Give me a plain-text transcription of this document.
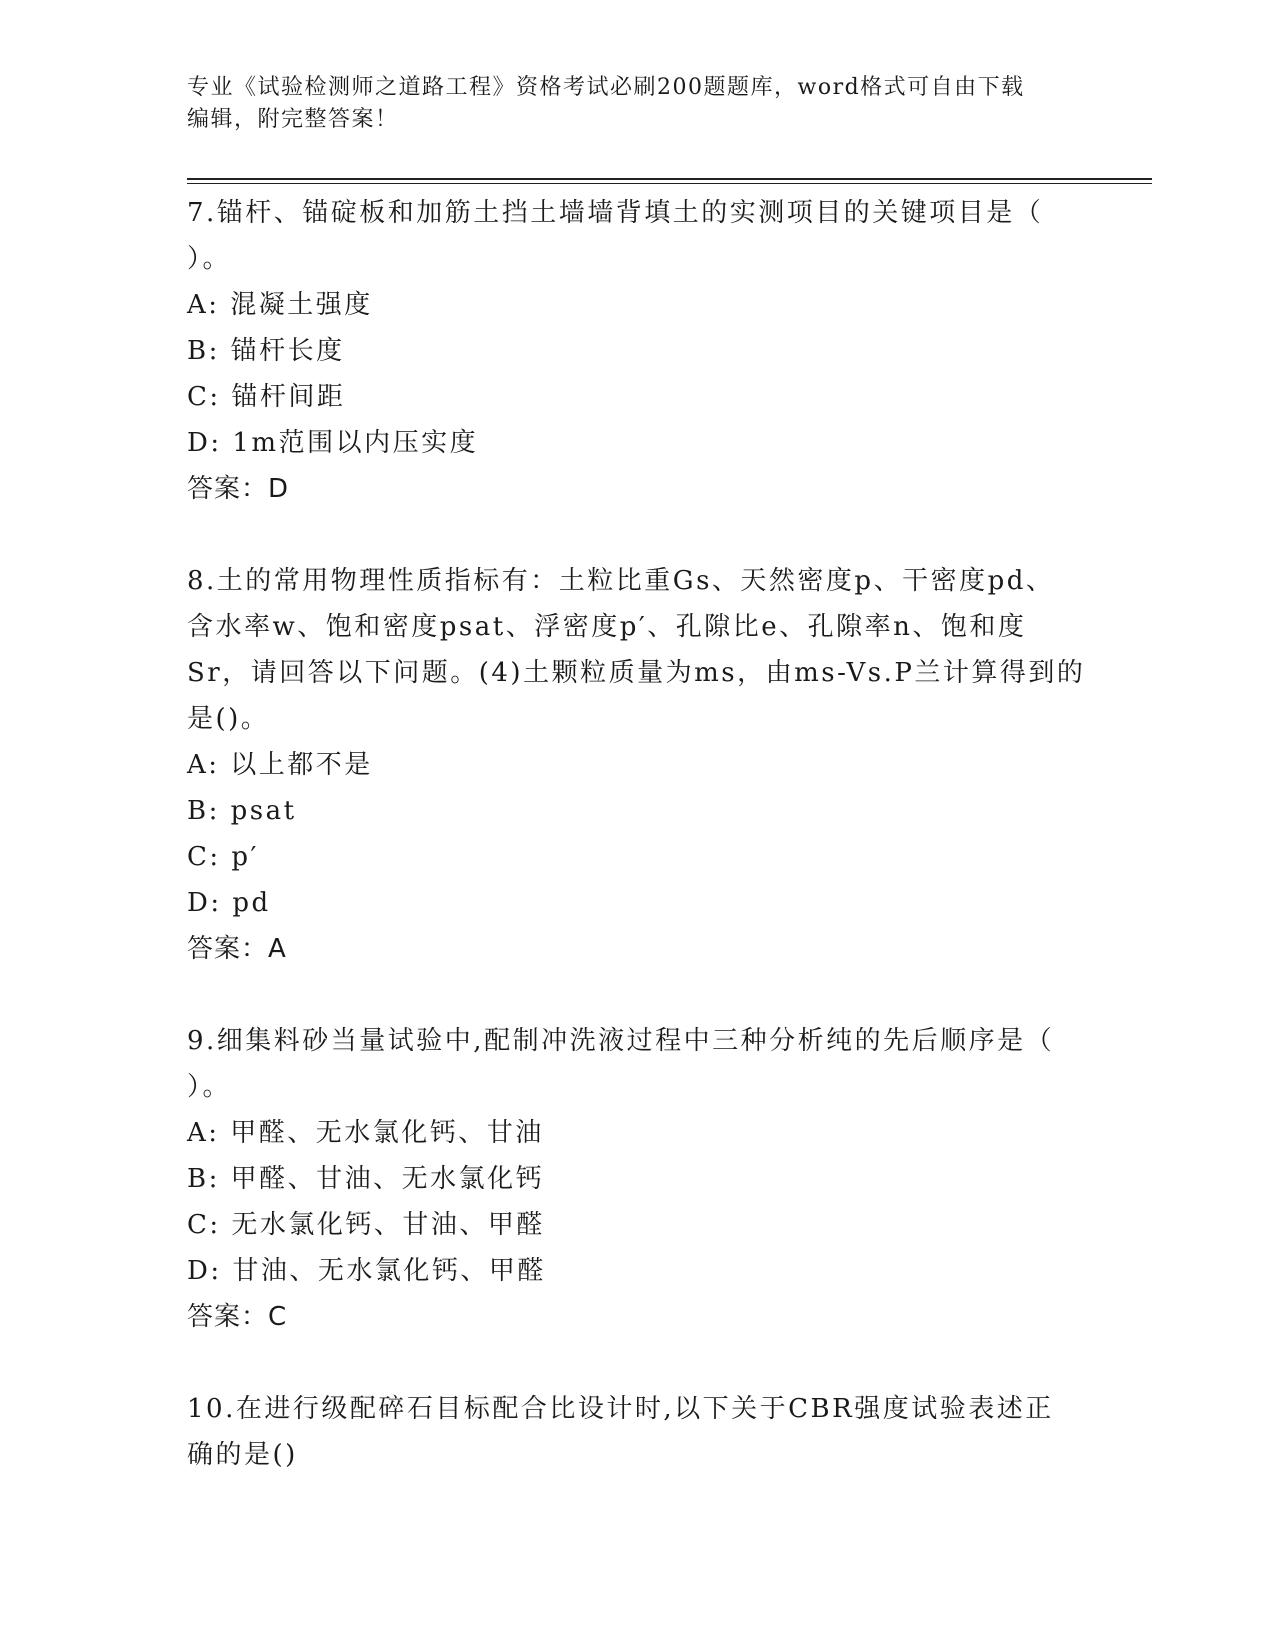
专业《试验检测师之道路工程》资格考试必刷200题题库，word格式可自由下载
编辑，附完整答案！

7.锚杆、锚碇板和加筋土挡土墙墙背填土的实测项目的关键项目是（

）。

A: 混凝土强度

B: 锚杆长度

C: 锚杆间距

D: 1m范围以内压实度

答案：D

8.土的常用物理性质指标有：土粒比重Gs、天然密度p、干密度pd、

含水率w、饱和密度psat、浮密度p′、孔隙比e、孔隙率n、饱和度

Sr，请回答以下问题。(4)土颗粒质量为ms，由ms-Vs.P兰计算得到的

是()。

A: 以上都不是

B: psat

C: p′

D: pd

答案：A

9.细集料砂当量试验中,配制冲洗液过程中三种分析纯的先后顺序是（

）。

A: 甲醛、无水氯化钙、甘油

B: 甲醛、甘油、无水氯化钙

C: 无水氯化钙、甘油、甲醛

D: 甘油、无水氯化钙、甲醛

答案：C

10.在进行级配碎石目标配合比设计时,以下关于CBR强度试验表述正

确的是()
